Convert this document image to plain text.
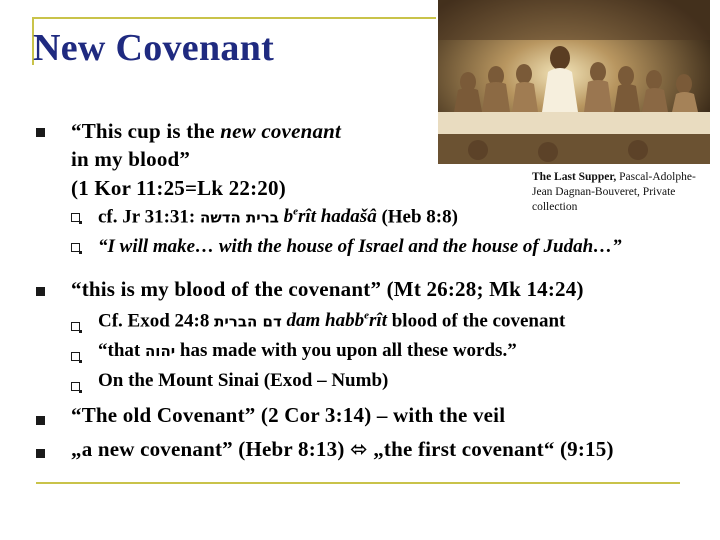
New Covenant
The Last Supper, Pascal-Adolphe-Jean Dagnan-Bouveret, Private collection
“This cup is the new covenant
in my blood”
(1 Kor 11:25=Lk 22:20)
cf. Jr 31:31: ברית הדשה $b^erît$ hadašâ (Heb 8:8)
“I will make… with the house of Israel and the house of Judah…”
“this is my blood of the covenant” (Mt 26:28; Mk 14:24)
Cf. Exod 24:8 דם הברית dam habb$^e$rît blood of the covenant
“that יהוה has made with you upon all these words.”
On the Mount Sinai (Exod – Numb)
“The old Covenant” (2 Cor 3:14) – with the veil
„a new covenant” (Hebr 8:13) ⬄ „the first covenant“ (9:15)
